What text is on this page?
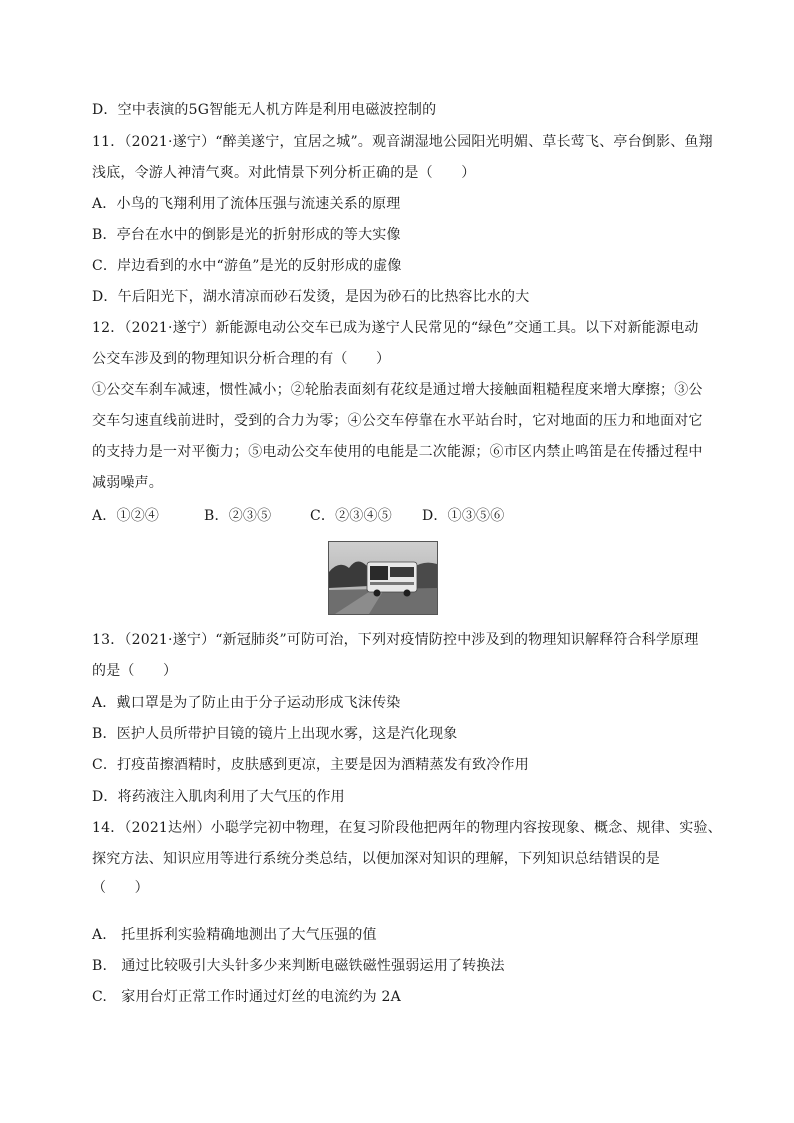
D．空中表演的5G智能无人机方阵是利用电磁波控制的
11．（2021·遂宁）“醉美遂宁，宜居之城”。观音湖湿地公园阳光明媚、草长莺飞、亭台倒影、鱼翔
浅底，令游人神清气爽。对此情景下列分析正确的是（　　）
A．小鸟的飞翔利用了流体压强与流速关系的原理
B．亭台在水中的倒影是光的折射形成的等大实像
C．岸边看到的水中“游鱼”是光的反射形成的虚像
D．午后阳光下，湖水清凉而砂石发烫，是因为砂石的比热容比水的大
12．（2021·遂宁）新能源电动公交车已成为遂宁人民常见的“绿色”交通工具。以下对新能源电动
公交车涉及到的物理知识分析合理的有（　　）
①公交车刹车减速，惯性减小；②轮胎表面刻有花纹是通过增大接触面粗糙程度来增大摩擦；③公
交车匀速直线前进时，受到的合力为零；④公交车停靠在水平站台时，它对地面的压力和地面对它
的支持力是一对平衡力；⑤电动公交车使用的电能是二次能源；⑥市区内禁止鸣笛是在传播过程中
减弱噪声。
A．①②④	B．②③⑤	C．②③④⑤ D．①③⑤⑥
13．（2021·遂宁）“新冠肺炎”可防可治，下列对疫情防控中涉及到的物理知识解释符合科学原理
的是（　　）
A．戴口罩是为了防止由于分子运动形成飞沫传染
B．医护人员所带护目镜的镜片上出现水雾，这是汽化现象
C．打疫苗擦酒精时，皮肤感到更凉，主要是因为酒精蒸发有致冷作用
D．将药液注入肌肉利用了大气压的作用
14．（2021达州）小聪学完初中物理，在复习阶段他把两年的物理内容按现象、概念、规律、实验、
探究方法、知识应用等进行系统分类总结，以便加深对知识的理解，下列知识总结错误的是
（　　）
A.　托里拆利实验精确地测出了大气压强的值
B.　通过比较吸引大头针多少来判断电磁铁磁性强弱运用了转换法
C.　家用台灯正常工作时通过灯丝的电流约为 2A
